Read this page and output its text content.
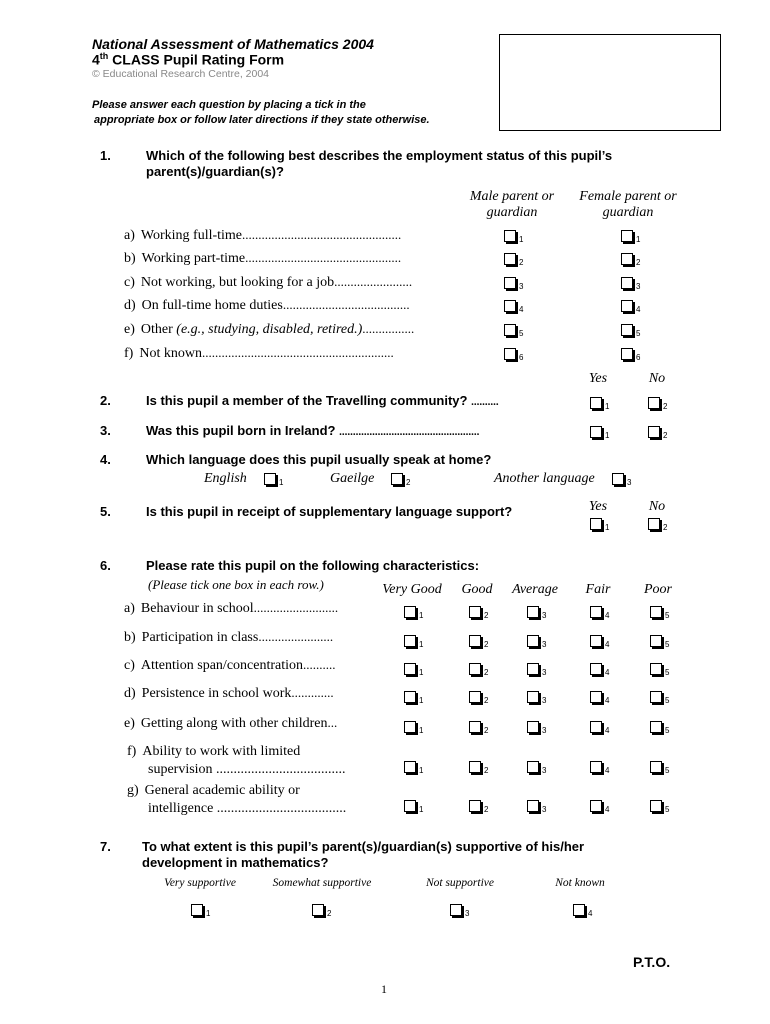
National Assessment of Mathematics 2004
4th CLASS Pupil Rating Form
© Educational Research Centre, 2004
Please answer each question by placing a tick in the
appropriate box or follow later directions if they state otherwise.
1.	Which of the following best describes the employment status of this pupil’s parent(s)/guardian(s)?
Male parent or
guardian
Female parent or
guardian
a) Working full-time.................................................	1	1
b) Working part-time................................................	2	2
c) Not working, but looking for a job........................	3	3
d) On full-time home duties.......................................	4	4
e) Other (e.g., studying, disabled, retired.)................	5	5
f) Not known...........................................................	6	6
Yes	No
2.	Is this pupil a member of the Travelling community? ..........	1	2
3.	Was this pupil born in Ireland? ...................................................	1	2
4.	Which language does this pupil usually speak at home?
English	1	Gaeilge	2	Another language	3
Yes	No
5.	Is this pupil in receipt of supplementary language support?
1	2
6.	Please rate this pupil on the following characteristics:
(Please tick one box in each row.)	Very Good	Good	Average	Fair	Poor
a) Behaviour in school..........................
1	2	3	4	5
b) Participation in class.......................
1	2	3	4	5
c) Attention span/concentration..........
1	2	3	4	5
d) Persistence in school work.............
1	2	3	4	5
e) Getting along with other children...
1	2	3	4	5
f) Ability to work with limited
supervision .....................................	1	2	3	4	5
g) General academic ability or
intelligence .....................................	1	2	3	4	5
7. To what extent is this pupil’s parent(s)/guardian(s) supportive of his/her development in mathematics?
Very supportive
1
Somewhat supportive
2
Not supportive
3
Not known
4
P.T.O.
1
